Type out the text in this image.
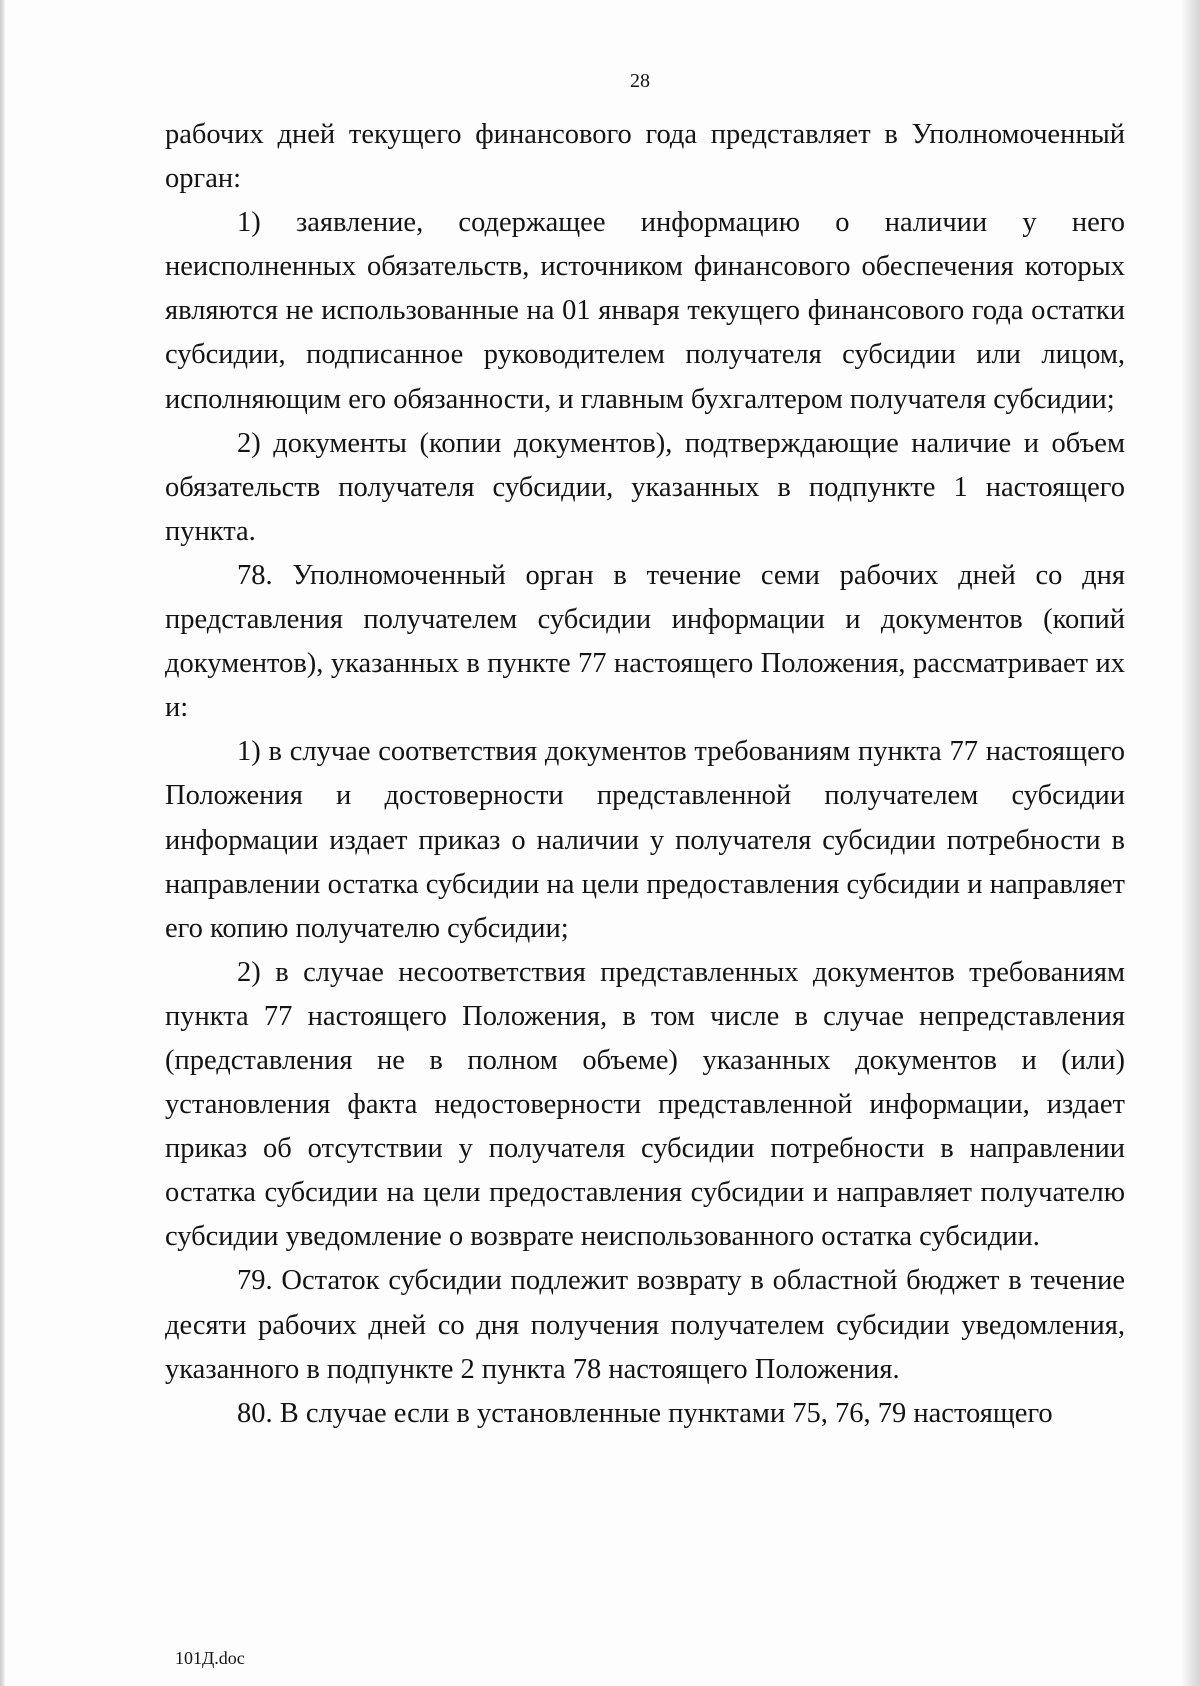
28

рабочих дней текущего финансового года представляет в Уполномоченный орган:

1) заявление, содержащее информацию о наличии у него неисполненных обязательств, источником финансового обеспечения которых являются не использованные на 01 января текущего финансового года остатки субсидии, подписанное руководителем получателя субсидии или лицом, исполняющим его обязанности, и главным бухгалтером получателя субсидии;

2) документы (копии документов), подтверждающие наличие и объем обязательств получателя субсидии, указанных в подпункте 1 настоящего пункта.

78. Уполномоченный орган в течение семи рабочих дней со дня представления получателем субсидии информации и документов (копий документов), указанных в пункте 77 настоящего Положения, рассматривает их и:

1) в случае соответствия документов требованиям пункта 77 настоящего Положения и достоверности представленной получателем субсидии информации издает приказ о наличии у получателя субсидии потребности в направлении остатка субсидии на цели предоставления субсидии и направляет его копию получателю субсидии;

2) в случае несоответствия представленных документов требованиям пункта 77 настоящего Положения, в том числе в случае непредставления (представления не в полном объеме) указанных документов и (или) установления факта недостоверности представленной информации, издает приказ об отсутствии у получателя субсидии потребности в направлении остатка субсидии на цели предоставления субсидии и направляет получателю субсидии уведомление о возврате неиспользованного остатка субсидии.

79. Остаток субсидии подлежит возврату в областной бюджет в течение десяти рабочих дней со дня получения получателем субсидии уведомления, указанного в подпункте 2 пункта 78 настоящего Положения.

80. В случае если в установленные пунктами 75, 76, 79 настоящего

101Д.doc
